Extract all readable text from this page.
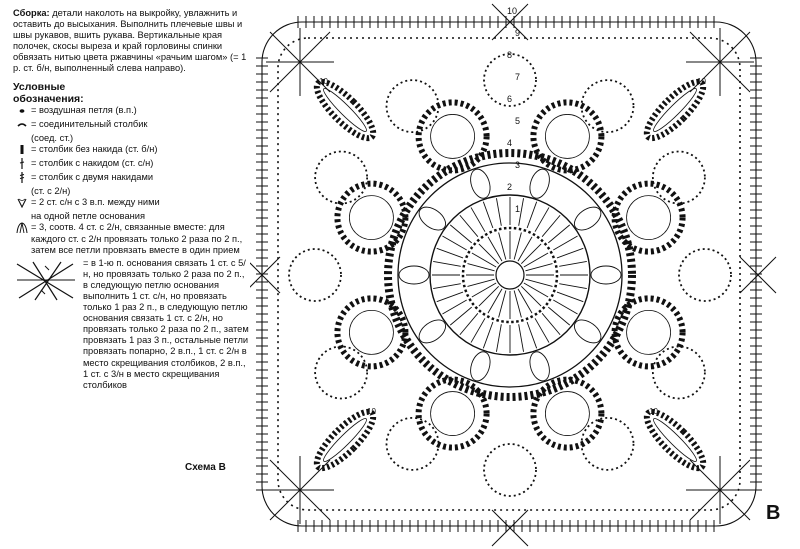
Сборка: детали наколоть на выкройку, увлажнить и оставить до высыхания. Выполнить плечевые швы и швы рукавов, вшить рукава. Вертикальные края полочек, скосы выреза и край горловины спинки обвязать нитью цвета ржавчины «рачьим шагом» (= 1 р. ст. б/н, выполненный слева направо).

Условные
обозначения:
= воздушная петля (в.п.)
= соединительный столбик
(соед. ст.)
= столбик без накида (ст. б/н)
= столбик с накидом (ст. с/н)
= столбик с двумя накидами
(ст. с 2/н)
= 2 ст. с/н с 3 в.п. между ними
на одной петле основания
= 3, соотв. 4 ст. с 2/н, связанные вместе: для каждого ст. с 2/н провязать только 2 раза по 2 п., затем все петли провязать вместе в один прием
= в 1-ю п. основания связать 1 ст. с 5/н, но провязать только 2 раза по 2 п., в следующую петлю основания выполнить 1 ст. с/н, но провязать только 1 раз 2 п., в следующую петлю основания связать 1 ст. с 2/н, но провязать только 2 раза по 2 п., затем провязать 1 раз 3 п., остальные петли провязать попарно, 2 в.п., 1 ст. с 2/н в место скрещивания столбиков, 2 в.п., 1 ст. с 3/н в место скрещивания столбиков
Схема В
10	10
10	10
10
9
8
7
6
5
4
3
2
1
В
